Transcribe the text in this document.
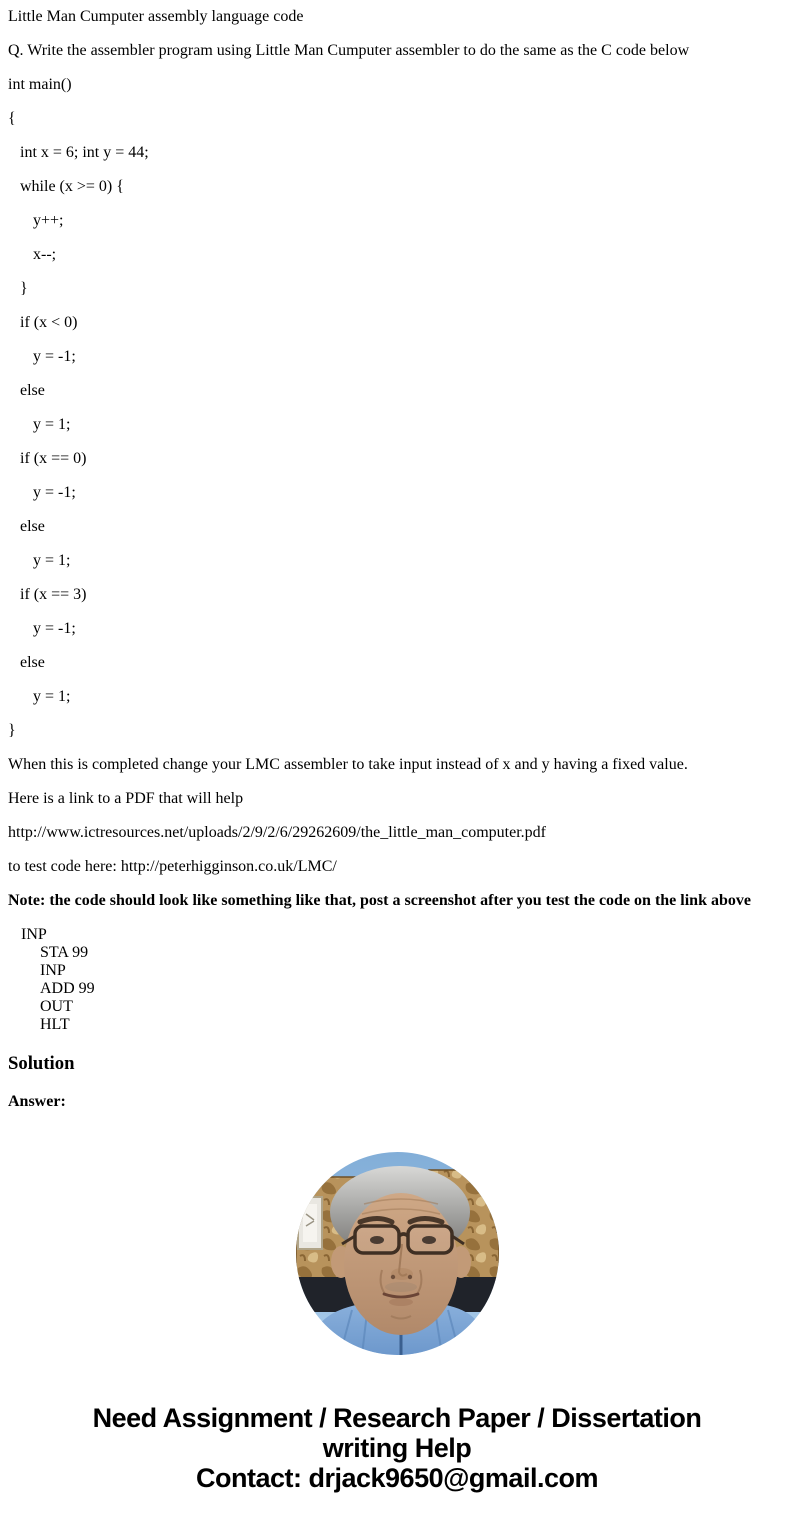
Little Man Cumputer assembly language code

Q. Write the assembler program using Little Man Cumputer assembler to do the same as the C code below

int main()

{

int x = 6; int y = 44;

while (x >= 0) {

y++;

x--;

}

if (x < 0)

y = -1;

else

y = 1;

if (x == 0)

y = -1;

else

y = 1;

if (x == 3)

y = -1;

else

y = 1;

}

When this is completed change your LMC assembler to take input instead of x and y having a fixed value.

Here is a link to a PDF that will help

http://www.ictresources.net/uploads/2/9/2/6/29262609/the_little_man_computer.pdf

to test code here: http://peterhigginson.co.uk/LMC/

Note: the code should look like something like that, post a screenshot after you test the code on the link above

INP
STA 99
INP
ADD 99
OUT
HLT
Solution

Answer:

Need Assignment / Research Paper / Dissertation
writing Help
Contact: drjack9650@gmail.com
